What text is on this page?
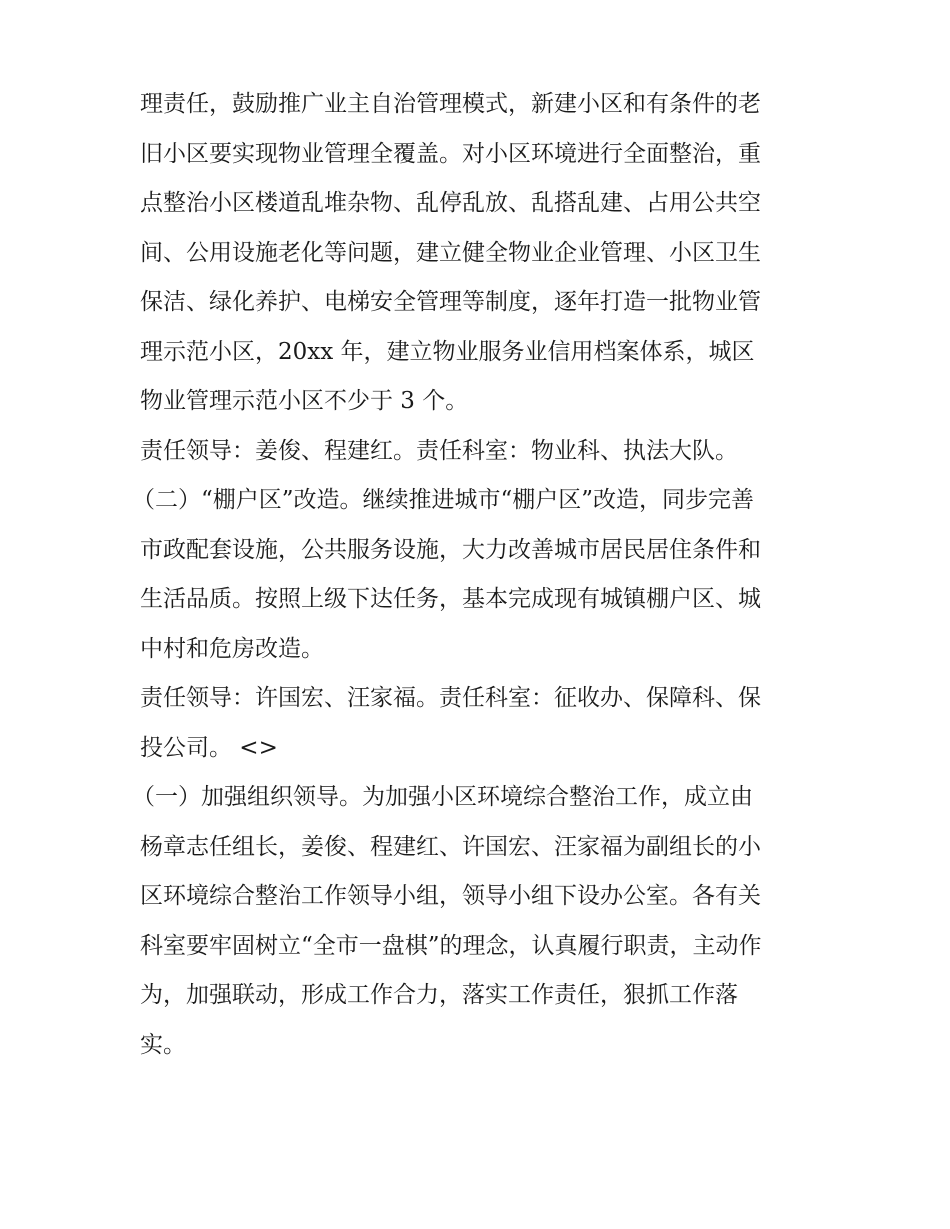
理责任，鼓励推广业主自治管理模式，新建小区和有条件的老
旧小区要实现物业管理全覆盖。对小区环境进行全面整治，重
点整治小区楼道乱堆杂物、乱停乱放、乱搭乱建、占用公共空
间、公用设施老化等问题，建立健全物业企业管理、小区卫生
保洁、绿化养护、电梯安全管理等制度，逐年打造一批物业管
理示范小区，20xx 年，建立物业服务业信用档案体系，城区
物业管理示范小区不少于 3 个。
责任领导：姜俊、程建红。责任科室：物业科、执法大队。
（二）“棚户区”改造。继续推进城市“棚户区”改造，同步完善
市政配套设施，公共服务设施，大力改善城市居民居住条件和
生活品质。按照上级下达任务，基本完成现有城镇棚户区、城
中村和危房改造。
责任领导：许国宏、汪家福。责任科室：征收办、保障科、保
投公司。 <>
（一）加强组织领导。为加强小区环境综合整治工作，成立由
杨章志任组长，姜俊、程建红、许国宏、汪家福为副组长的小
区环境综合整治工作领导小组，领导小组下设办公室。各有关
科室要牢固树立“全市一盘棋”的理念，认真履行职责，主动作
为，加强联动，形成工作合力，落实工作责任，狠抓工作落
实。
